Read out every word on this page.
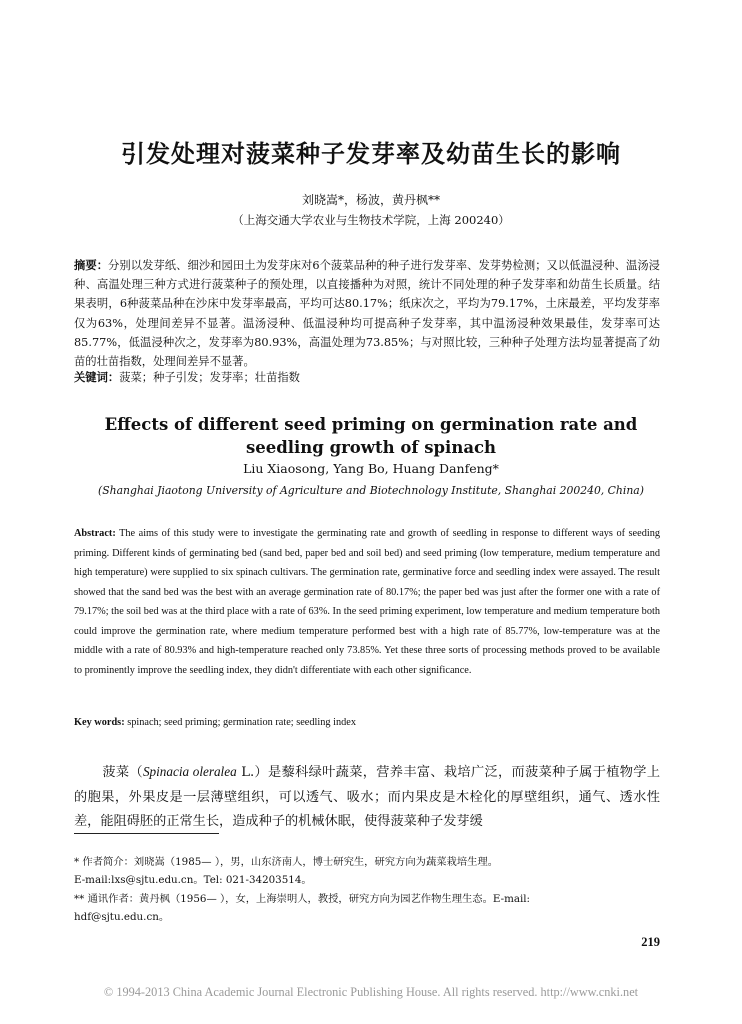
引发处理对菠菜种子发芽率及幼苗生长的影响
刘晓嵩*，杨波，黄丹枫**
（上海交通大学农业与生物技术学院，上海 200240）
摘要：分别以发芽纸、细沙和园田土为发芽床对6个菠菜品种的种子进行发芽率、发芽势检测；又以低温浸种、温汤浸种、高温处理三种方式进行菠菜种子的预处理，以直接播种为对照，统计不同处理的种子发芽率和幼苗生长质量。结果表明，6种菠菜品种在沙床中发芽率最高，平均可达80.17%；纸床次之，平均为79.17%，土床最差，平均发芽率仅为63%，处理间差异不显著。温汤浸种、低温浸种均可提高种子发芽率，其中温汤浸种效果最佳，发芽率可达85.77%，低温浸种次之，发芽率为80.93%，高温处理为73.85%；与对照比较，三种种子处理方法均显著提高了幼苗的壮苗指数，处理间差异不显著。
关键词：菠菜；种子引发；发芽率；壮苗指数
Effects of different seed priming on germination rate and
seedling growth of spinach
Liu Xiaosong, Yang Bo, Huang Danfeng*
(Shanghai Jiaotong University of Agriculture and Biotechnology Institute, Shanghai 200240, China)
Abstract: The aims of this study were to investigate the germinating rate and growth of seedling in response to different ways of seeding priming. Different kinds of germinating bed (sand bed, paper bed and soil bed) and seed priming (low temperature, medium temperature and high temperature) were supplied to six spinach cultivars. The germination rate, germinative force and seedling index were assayed. The result showed that the sand bed was the best with an average germination rate of 80.17%; the paper bed was just after the former one with a rate of 79.17%; the soil bed was at the third place with a rate of 63%. In the seed priming experiment, low temperature and medium temperature both could improve the germination rate, where medium temperature performed best with a high rate of 85.77%, low-temperature was at the middle with a rate of 80.93% and high-temperature reached only 73.85%. Yet these three sorts of processing methods proved to be available to prominently improve the seedling index, they didn't differentiate with each other significance.
Key words: spinach; seed priming; germination rate; seedling index
菠菜（Spinacia oleralea L.）是藜科绿叶蔬菜，营养丰富、栽培广泛，而菠菜种子属于植物学上的胞果，外果皮是一层薄壁组织，可以透气、吸水；而内果皮是木栓化的厚壁组织，通气、透水性差，能阻碍胚的正常生长，造成种子的机械休眠，使得菠菜种子发芽缓
* 作者简介：刘晓嵩（1985— ），男，山东济南人，博士研究生，研究方向为蔬菜栽培生理。
E-mail:lxs@sjtu.edu.cn。Tel: 021-34203514。
** 通讯作者：黄丹枫（1956— ），女，上海崇明人，教授，研究方向为园艺作物生理生态。E-mail:
hdf@sjtu.edu.cn。
219
© 1994-2013 China Academic Journal Electronic Publishing House. All rights reserved. http://www.cnki.net
